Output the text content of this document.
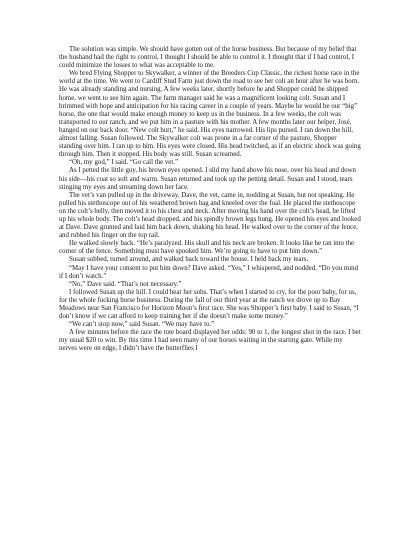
The solution was simple. We should have gotten out of the horse business. But because of my belief that the husband had the right to control, I thought I should be able to control it. I thought that if I had control, I could minimize the losses to what was acceptable to me.

We bred Flying Shopper to Skywalker, a winner of the Breeders Cup Classic, the richest horse race in the world at the time. We went to Cardiff Stud Farm just down the road to see her colt an hour after he was born. He was already standing and nursing. A few weeks later, shortly before he and Shopper could be shipped home, we went to see him again. The farm manager said he was a magnificent looking colt. Susan and I brimmed with hope and anticipation for his racing career in a couple of years. Maybe he would be our “big” horse, the one that would make enough money to keep us in the business. In a few weeks, the colt was transported to our ranch, and we put him in a pasture with his mother. A few months later our helper, José, banged on our back door. “New colt hurt,” he said. His eyes narrowed. His lips pursed. I ran down the hill, almost falling. Susan followed. The Skywalker colt was prone in a far corner of the pasture, Shopper standing over him. I ran up to him. His eyes were closed. His head twitched, as if an electric shock was going through him. Then it stopped. His body was still. Susan screamed.

“Oh, my god,” I said. “Go call the vet.”

As I petted the little guy, his brown eyes opened. I slid my hand above his nose, over his head and down his side—his coat so soft and warm. Susan returned and took up the petting detail. Susan and I stood, tears stinging my eyes and streaming down her face.

The vet’s van pulled up in the driveway. Dave, the vet, came in, nodding at Susan, but not speaking. He pulled his stethoscope out of his weathered brown bag and kneeled over the foal. He placed the stethoscope on the colt’s belly, then moved it to his chest and neck. After moving his hand over the colt’s head, he lifted up his whole body. The colt’s head dropped, and his spindly brown legs hung. He opened his eyes and looked at Dave. Dave grunted and laid him back down, shaking his head. He walked over to the corner of the fence, and rubbed his finger on the top rail.

He walked slowly back. “He’s paralyzed. His skull and his neck are broken. It looks like he ran into the corner of the fence. Something must have spooked him. We’re going to have to put him down.”

Susan sobbed, turned around, and walked back toward the house. I held back my tears.

“May I have your consent to put him down? Dave asked. “Yes,” I whispered, and nodded. “Do you mind if I don’t watch.”

“No,” Dave said. “That’s not necessary.”

I followed Susan up the hill. I could hear her sobs. That’s when I started to cry, for the poor baby, for us, for the whole fucking horse business. During the fall of our third year at the ranch we drove up to Bay Meadows near San Francisco for Horizon Moon’s first race. She was Shopper’s first baby. I said to Susan, “I don’t know if we can afford to keep training her if she doesn’t make some money.”

“We can’t stop now,” said Susan. “We may have to.”

A few minutes before the race the tote board displayed her odds: 90 to 1, the longest shot in the race. I bet my usual $20 to win. By this time I had seen many of our horses waiting in the starting gate. While my nerves were on edge, I didn’t have the butterflies I
